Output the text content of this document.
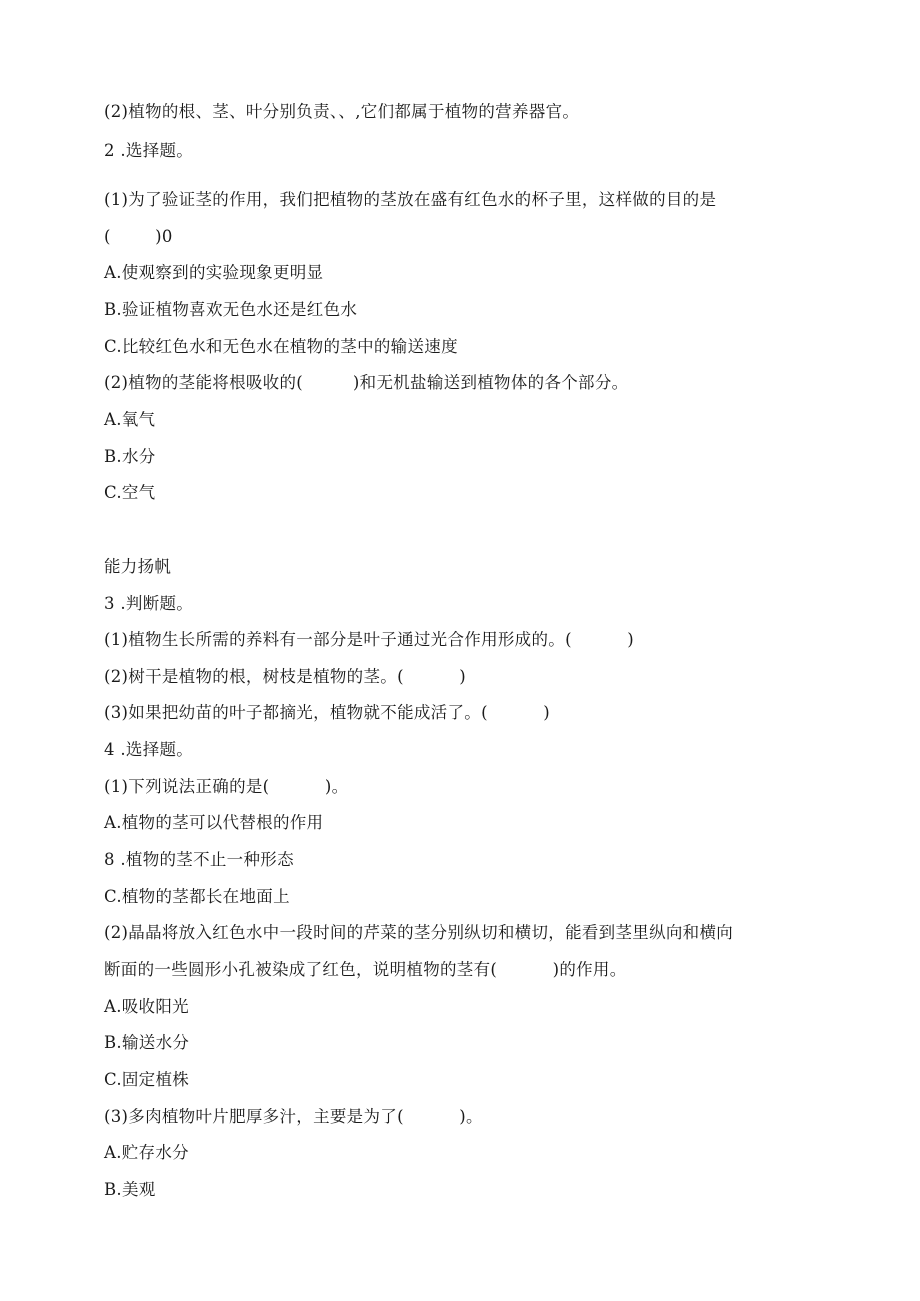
(2)植物的根、茎、叶分别负责、、,它们都属于植物的营养器官。
2 .选择题。
(1)为了验证茎的作用，我们把植物的茎放在盛有红色水的杯子里，这样做的目的是
(        )0
A.使观察到的实验现象更明显
B.验证植物喜欢无色水还是红色水
C.比较红色水和无色水在植物的茎中的输送速度
(2)植物的茎能将根吸收的(         )和无机盐输送到植物体的各个部分。
A.氧气
B.水分
C.空气
能力扬帆
3 .判断题。
(1)植物生长所需的养料有一部分是叶子通过光合作用形成的。(          )
(2)树干是植物的根，树枝是植物的茎。(          )
(3)如果把幼苗的叶子都摘光，植物就不能成活了。(          )
4 .选择题。
(1)下列说法正确的是(          )。
A.植物的茎可以代替根的作用
8 .植物的茎不止一种形态
C.植物的茎都长在地面上
(2)晶晶将放入红色水中一段时间的芹菜的茎分别纵切和横切，能看到茎里纵向和横向
断面的一些圆形小孔被染成了红色，说明植物的茎有(          )的作用。
A.吸收阳光
B.输送水分
C.固定植株
(3)多肉植物叶片肥厚多汁，主要是为了(          )。
A.贮存水分
B.美观
